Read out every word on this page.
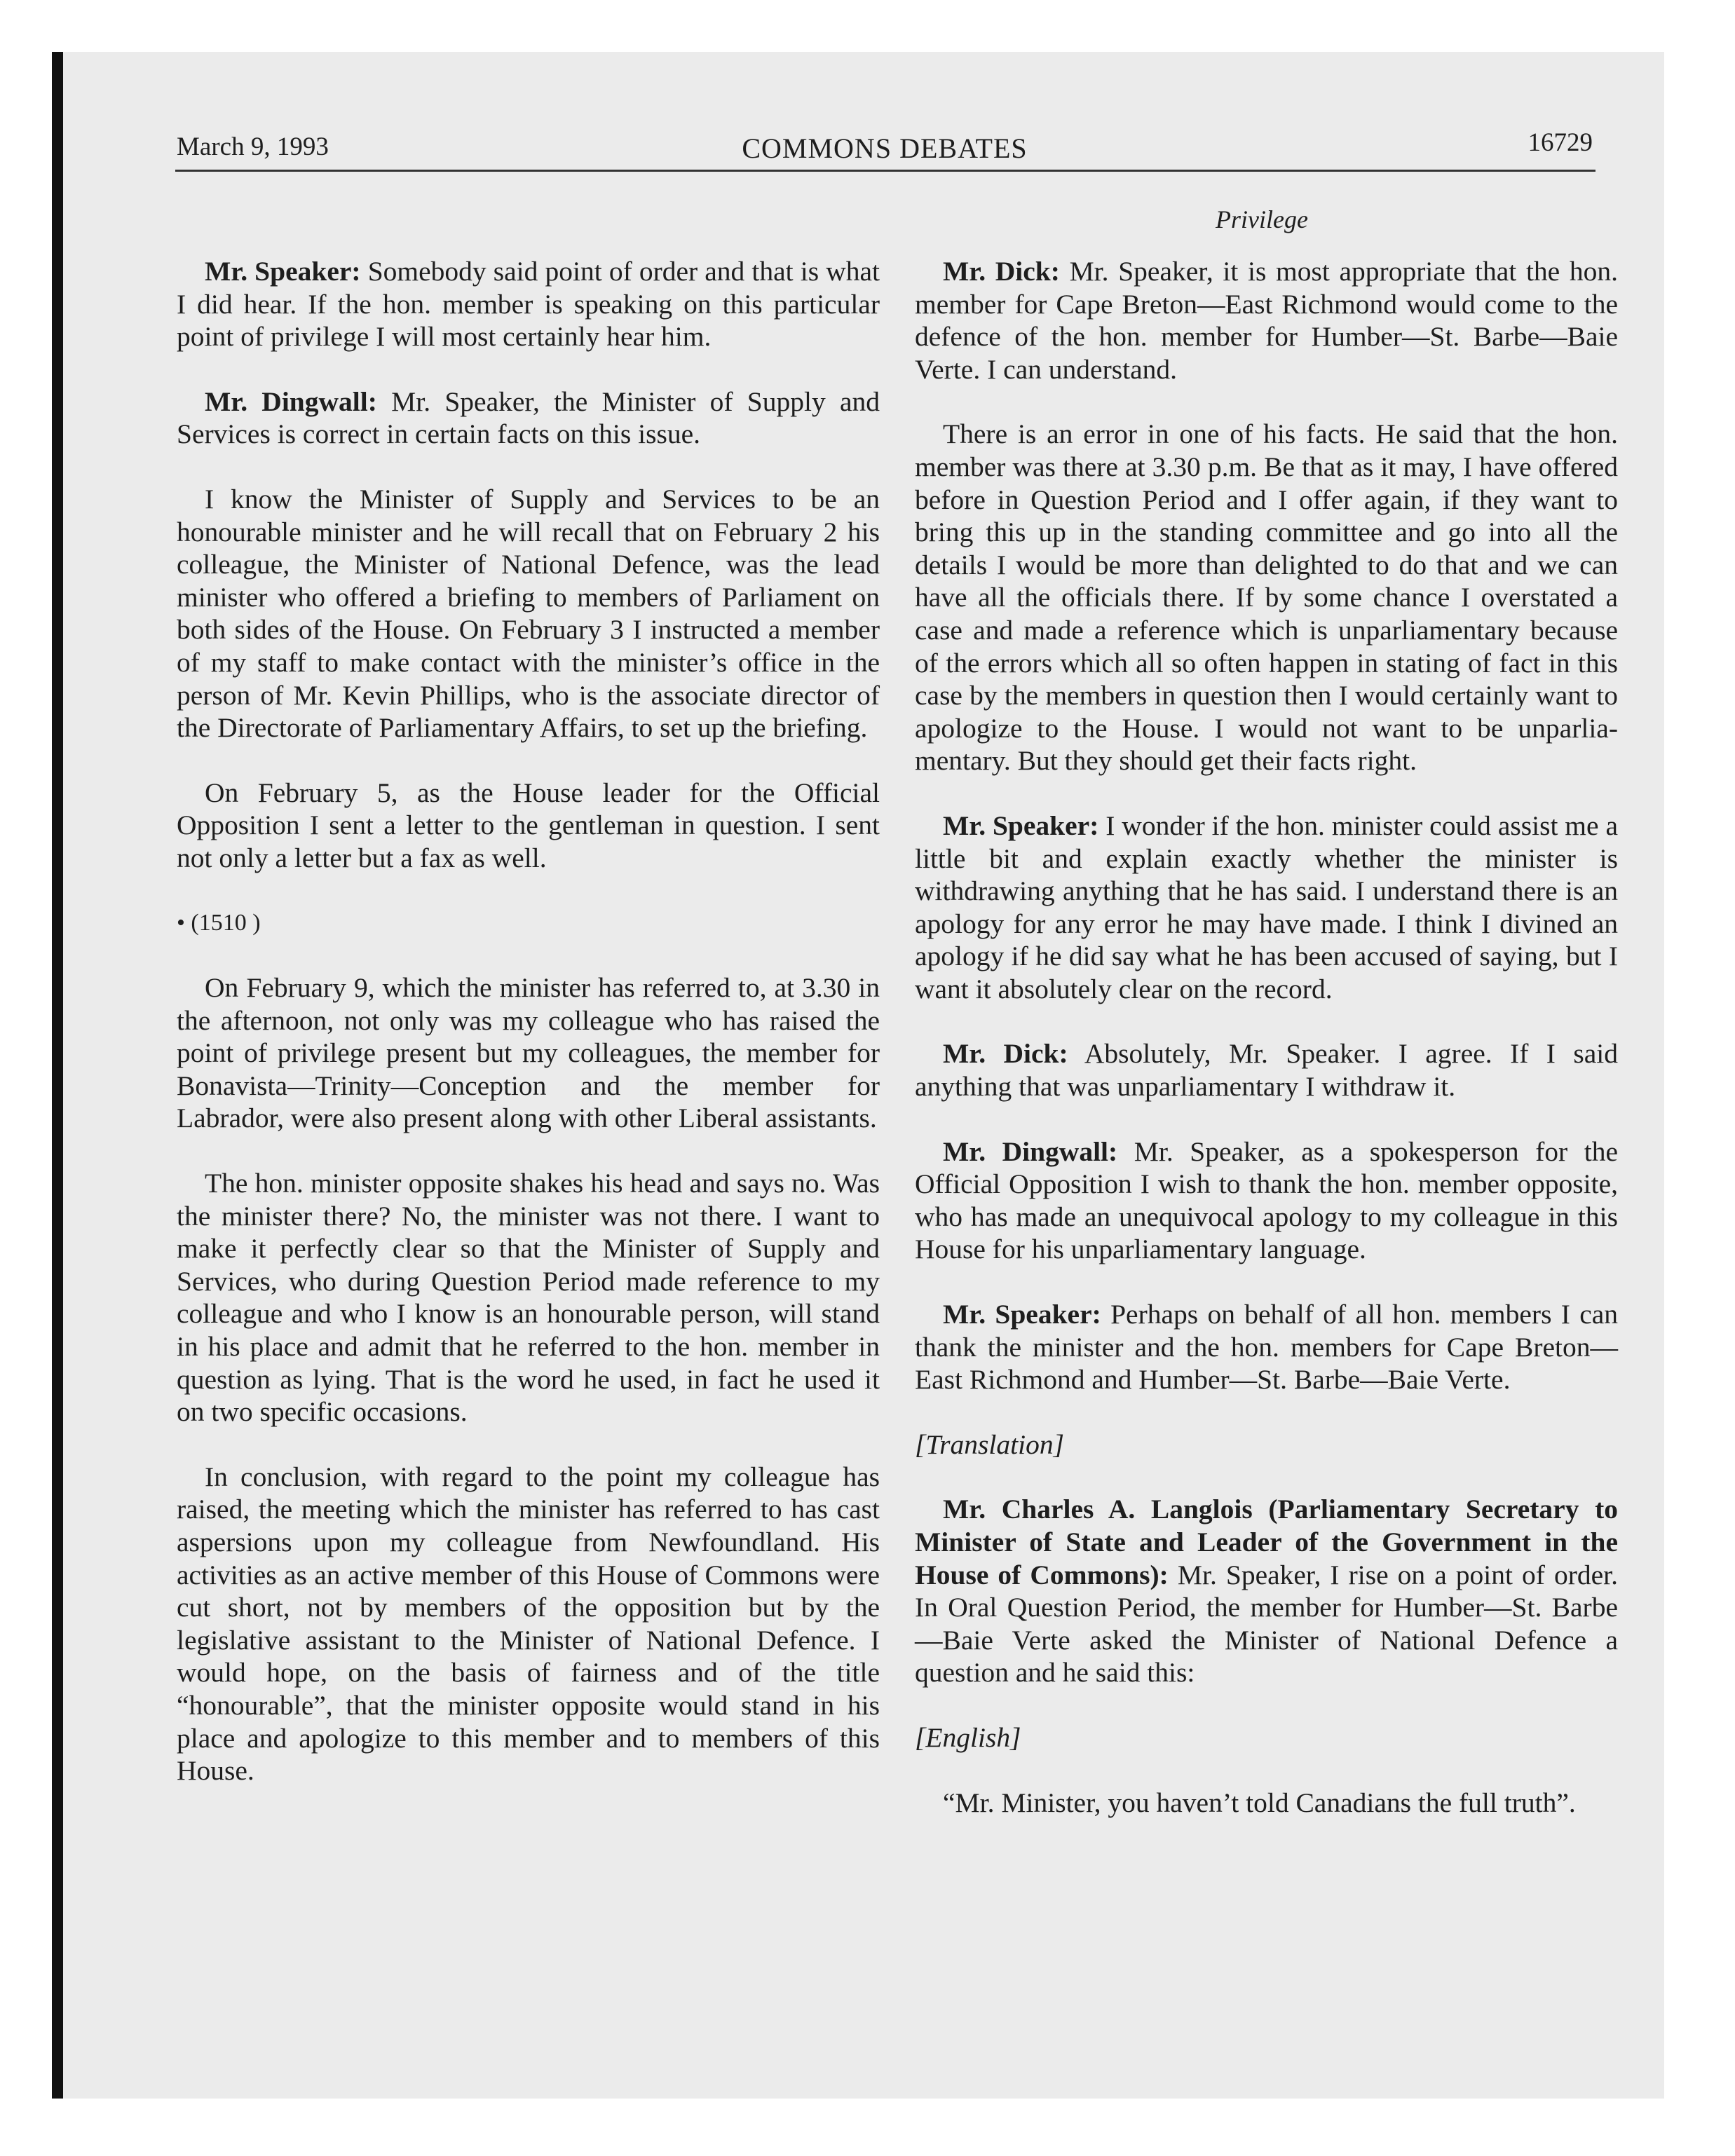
March 9, 1993	COMMONS DEBATES	16729
Privilege

Mr. Speaker: Somebody said point of order and that is what I did hear. If the hon. member is speaking on this particular point of privilege I will most certainly hear him.

Mr. Dingwall: Mr. Speaker, the Minister of Supply and Services is correct in certain facts on this issue.

I know the Minister of Supply and Services to be an honourable minister and he will recall that on February 2 his colleague, the Minister of National Defence, was the lead minister who offered a briefing to members of Parliament on both sides of the House. On February 3 I instructed a member of my staff to make contact with the minister’s office in the person of Mr. Kevin Phillips, who is the associate director of the Directorate of Parliamentary Affairs, to set up the briefing.

On February 5, as the House leader for the Official Opposition I sent a letter to the gentleman in question. I sent not only a letter but a fax as well.

• (1510 )

On February 9, which the minister has referred to, at 3.30 in the afternoon, not only was my colleague who has raised the point of privilege present but my colleagues, the member for Bonavista—Trinity—Conception and the member for Labrador, were also present along with other Liberal assistants.

The hon. minister opposite shakes his head and says no. Was the minister there? No, the minister was not there. I want to make it perfectly clear so that the Minister of Supply and Services, who during Question Period made reference to my colleague and who I know is an honourable person, will stand in his place and admit that he referred to the hon. member in question as lying. That is the word he used, in fact he used it on two specific occasions.

In conclusion, with regard to the point my colleague has raised, the meeting which the minister has referred to has cast aspersions upon my colleague from Newfoundland. His activities as an active member of this House of Commons were cut short, not by members of the opposition but by the legislative assistant to the Minister of National Defence. I would hope, on the basis of fairness and of the title “honourable”, that the minister opposite would stand in his place and apologize to this member and to members of this House.

Mr. Dick: Mr. Speaker, it is most appropriate that the hon. member for Cape Breton—East Richmond would come to the defence of the hon. member for Humber—St. Barbe—Baie Verte. I can understand.

There is an error in one of his facts. He said that the hon. member was there at 3.30 p.m. Be that as it may, I have offered before in Question Period and I offer again, if they want to bring this up in the standing committee and go into all the details I would be more than delighted to do that and we can have all the officials there. If by some chance I overstated a case and made a reference which is unparliamentary because of the errors which all so often happen in stating of fact in this case by the members in question then I would certainly want to apologize to the House. I would not want to be unparliamentary. But they should get their facts right.

Mr. Speaker: I wonder if the hon. minister could assist me a little bit and explain exactly whether the minister is withdrawing anything that he has said. I understand there is an apology for any error he may have made. I think I divined an apology if he did say what he has been accused of saying, but I want it absolutely clear on the record.

Mr. Dick: Absolutely, Mr. Speaker. I agree. If I said anything that was unparliamentary I withdraw it.

Mr. Dingwall: Mr. Speaker, as a spokesperson for the Official Opposition I wish to thank the hon. member opposite, who has made an unequivocal apology to my colleague in this House for his unparliamentary language.

Mr. Speaker: Perhaps on behalf of all hon. members I can thank the minister and the hon. members for Cape Breton—East Richmond and Humber—St. Barbe—Baie Verte.

[Translation]

Mr. Charles A. Langlois (Parliamentary Secretary to Minister of State and Leader of the Government in the House of Commons): Mr. Speaker, I rise on a point of order. In Oral Question Period, the member for Humber—St. Barbe—Baie Verte asked the Minister of National Defence a question and he said this:

[English]

“Mr. Minister, you haven’t told Canadians the full truth”.
